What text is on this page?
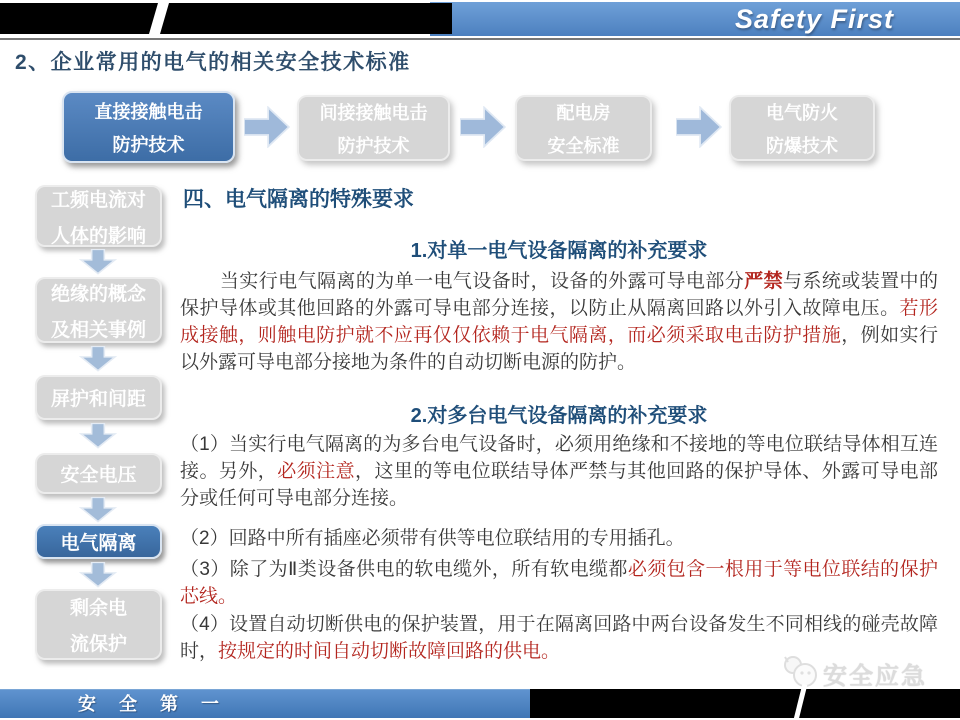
Safety First
2、企业常用的电气的相关安全技术标准
直接接触电击
防护技术
间接接触电击
防护技术
配电房
安全标准
电气防火
防爆技术
工频电流对
人体的影响
绝缘的概念
及相关事例
屏护和间距
安全电压
电气隔离
剩余电
流保护
四、电气隔离的特殊要求
1.对单一电气设备隔离的补充要求
当实行电气隔离的为单一电气设备时，设备的外露可导电部分严禁与系统或装置中的保护导体或其他回路的外露可导电部分连接，以防止从隔离回路以外引入故障电压。若形成接触，则触电防护就不应再仅仅依赖于电气隔离，而必须采取电击防护措施，例如实行以外露可导电部分接地为条件的自动切断电源的防护。
2.对多台电气设备隔离的补充要求
（1）当实行电气隔离的为多台电气设备时，必须用绝缘和不接地的等电位联结导体相互连接。另外，必须注意，这里的等电位联结导体严禁与其他回路的保护导体、外露可导电部分或任何可导电部分连接。
（2）回路中所有插座必须带有供等电位联结用的专用插孔。
（3）除了为Ⅱ类设备供电的软电缆外，所有软电缆都必须包含一根用于等电位联结的保护芯线。
（4）设置自动切断供电的保护装置，用于在隔离回路中两台设备发生不同相线的碰壳故障时，按规定的时间自动切断故障回路的供电。
安全应急
安 全 第 一
